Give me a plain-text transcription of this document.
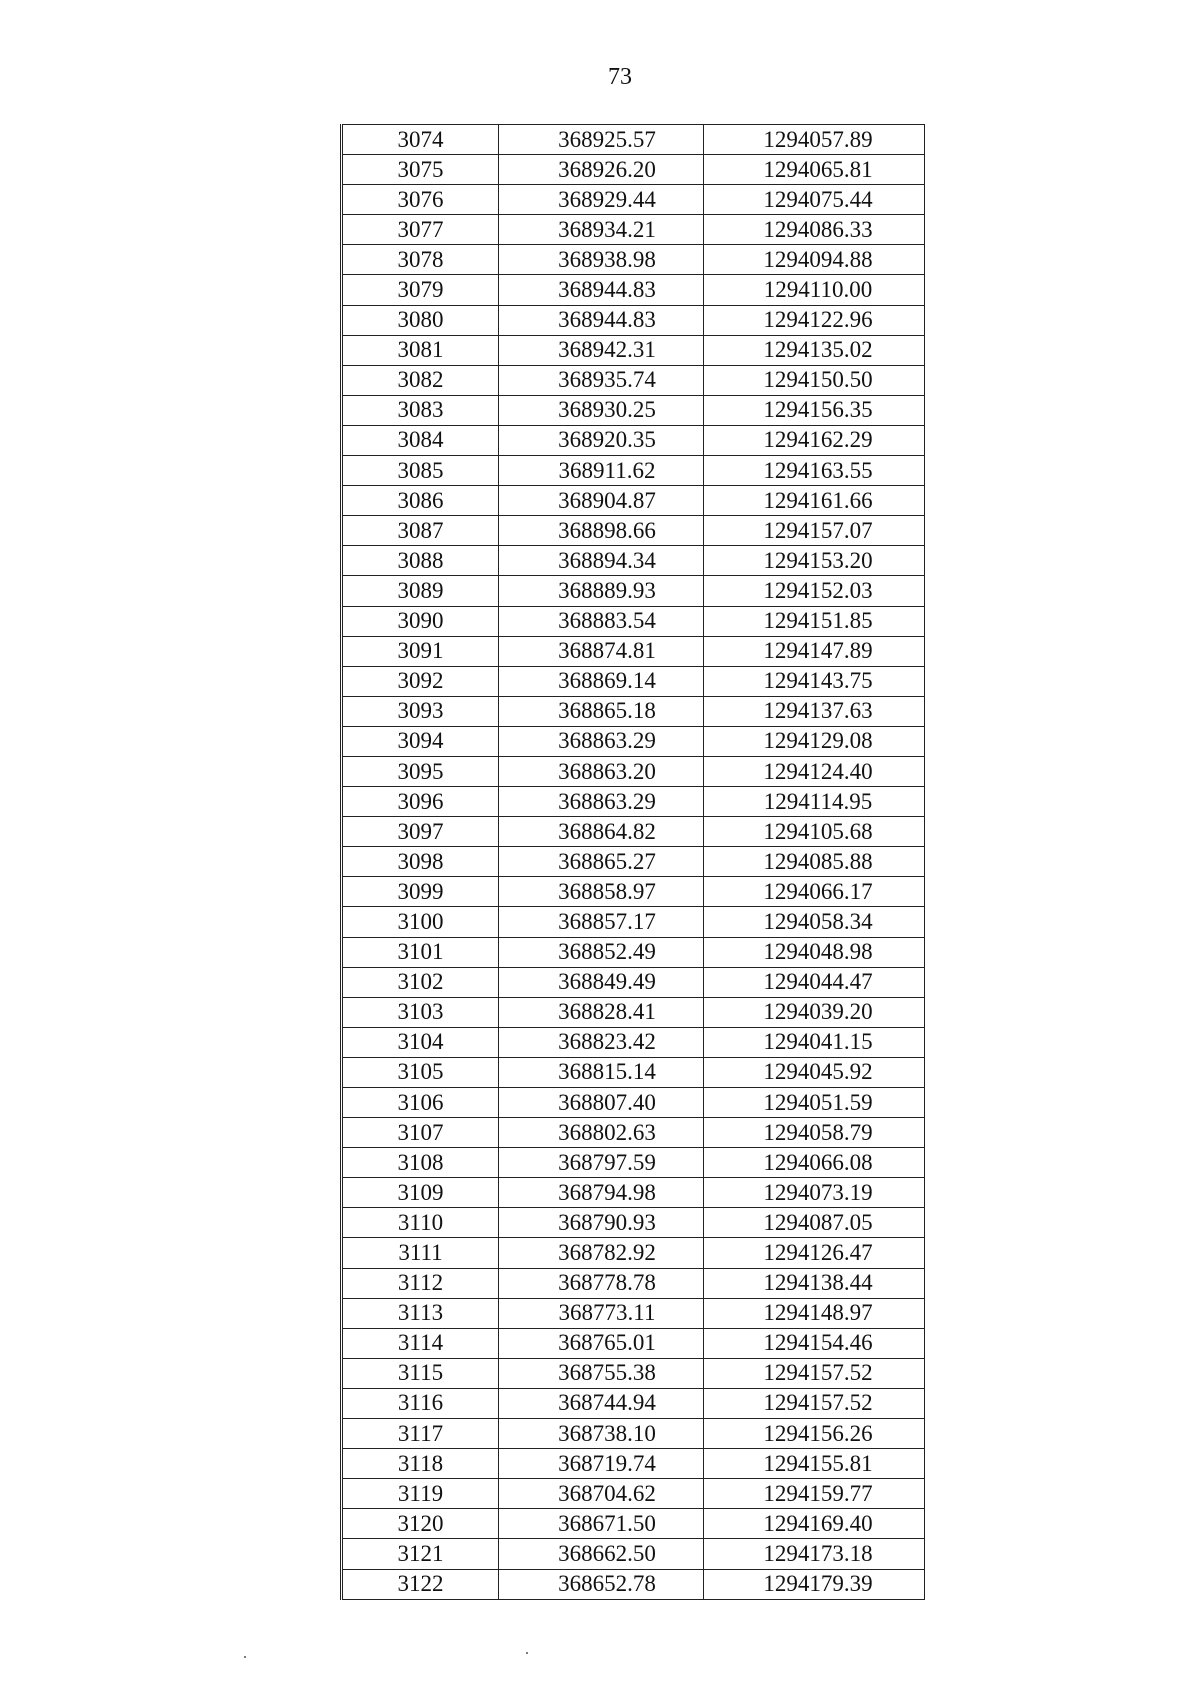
73
3074	368925.57	1294057.89
3075	368926.20	1294065.81
3076	368929.44	1294075.44
3077	368934.21	1294086.33
3078	368938.98	1294094.88
3079	368944.83	1294110.00
3080	368944.83	1294122.96
3081	368942.31	1294135.02
3082	368935.74	1294150.50
3083	368930.25	1294156.35
3084	368920.35	1294162.29
3085	368911.62	1294163.55
3086	368904.87	1294161.66
3087	368898.66	1294157.07
3088	368894.34	1294153.20
3089	368889.93	1294152.03
3090	368883.54	1294151.85
3091	368874.81	1294147.89
3092	368869.14	1294143.75
3093	368865.18	1294137.63
3094	368863.29	1294129.08
3095	368863.20	1294124.40
3096	368863.29	1294114.95
3097	368864.82	1294105.68
3098	368865.27	1294085.88
3099	368858.97	1294066.17
3100	368857.17	1294058.34
3101	368852.49	1294048.98
3102	368849.49	1294044.47
3103	368828.41	1294039.20
3104	368823.42	1294041.15
3105	368815.14	1294045.92
3106	368807.40	1294051.59
3107	368802.63	1294058.79
3108	368797.59	1294066.08
3109	368794.98	1294073.19
3110	368790.93	1294087.05
3111	368782.92	1294126.47
3112	368778.78	1294138.44
3113	368773.11	1294148.97
3114	368765.01	1294154.46
3115	368755.38	1294157.52
3116	368744.94	1294157.52
3117	368738.10	1294156.26
3118	368719.74	1294155.81
3119	368704.62	1294159.77
3120	368671.50	1294169.40
3121	368662.50	1294173.18
3122	368652.78	1294179.39
